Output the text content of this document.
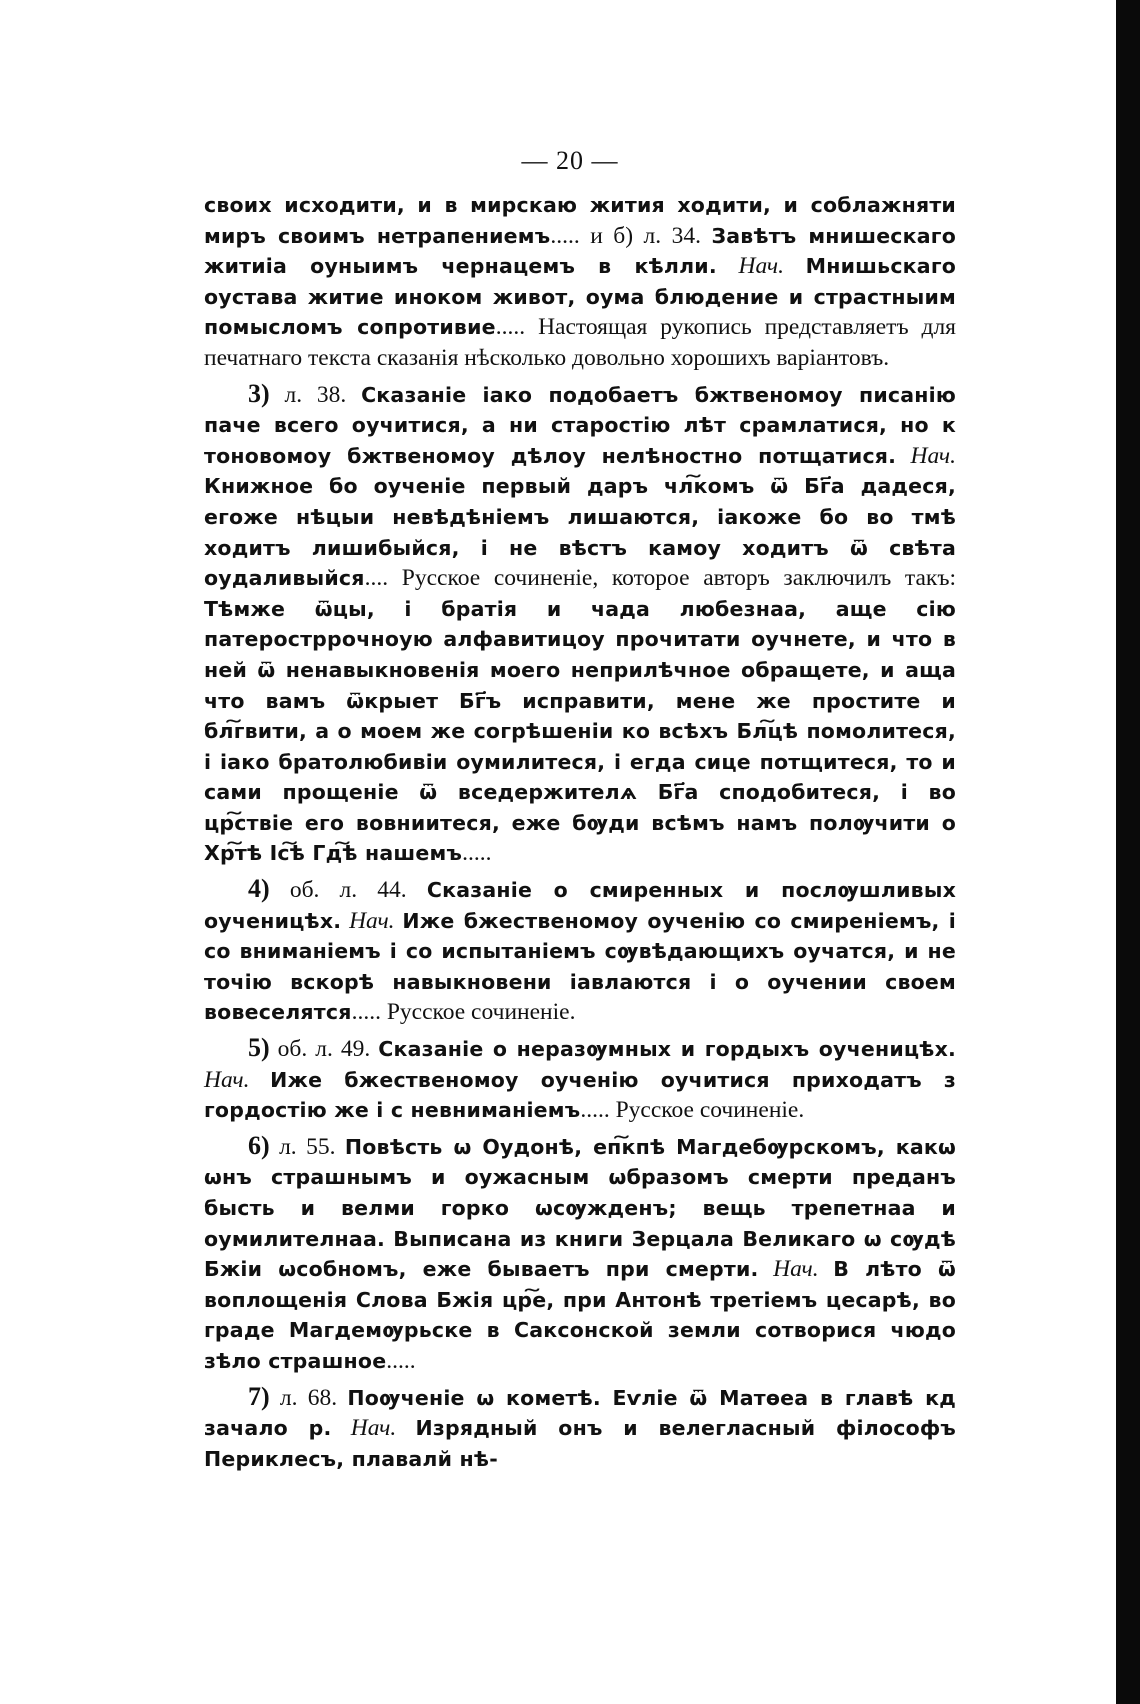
— 20 —

своих исходити, и в мирскаю жития ходити, и соблажняти миръ своимъ нетрапениемъ..... и б) л. 34. Завѣтъ мнишескаго житиіа оуныимъ чернацемъ в кѣлли. Нач. Мнишьскаго оустава житие иноком живот, оума блюдение и страстныим помысломъ сопротивие..... Настоящая рукопись представляетъ для печатнаго текста сказанія нѣсколько довольно хорошихъ варіантовъ.

3) л. 38. Сказаніе іако подобаетъ бжтвеномоу писанію паче всего оучитися, а ни старостію лѣт срамлатися, но к тоновомоу бжтвеномоу дѣлоу нелѣностно потщатися. Нач. Книжное бо оученіе первый даръ чл͠комъ ѿ Бг҃а дадеся, егоже нѣцыи невѣдѣніемъ лишаются, іакоже бо во тмѣ ходитъ лишибыйся, і не вѣстъ камоу ходитъ ѿ свѣта оудаливыйся.... Русское сочиненіе, которое авторъ заключилъ такъ: Тѣмже ѿцы, і братія и чада любезнаа, аще сію патеростррочноую алфавитицоу прочитати оучнете, и что в ней ѿ ненавыкновенія моего неприлѣчное обращете, и аща что вамъ ѿкрыет Бг҃ъ исправити, мене же простите и бл͠гвити, а о моем же согрѣшеніи ко всѣхъ Бл͠цѣ помолитеся, і іако братолюбивіи оумилитеся, і егда сице потщитеся, то и сами прощеніе ѿ вседержителѧ Бг҃а сподобитеся, і во цр͠ствіе его вовниитеся, еже бѹди всѣмъ намъ полѹчити о Хр͠тѣ Іс͠ѣ Гд͠ѣ нашемъ.....

4) об. л. 44. Сказаніе о смиренных и послѹшливых оученицѣх. Нач. Иже бжественомоу оученію со смиреніемъ, і со вниманіемъ і со испытаніемъ сѹвѣдающихъ оучатся, и не точію вскорѣ навыкновени іавлаются і о оучении своем вовеселятся..... Русское сочиненіе.

5) об. л. 49. Сказаніе о неразѹмных и гордыхъ оученицѣх. Нач. Иже бжественомоу оученію оучитися приходатъ з гордостію же і с невниманіемъ..... Русское сочиненіе.

6) л. 55. Повѣсть ѡ Оудонѣ, еп͠кпѣ Магдебѹрскомъ, какѡ ѡнъ страшнымъ и оужасным ѡбразомъ смерти преданъ бысть и велми горко ѡсѹжденъ; вещь трепетнаа и оумилителнаа. Выписана из книги Зерцала Великаго ѡ сѹдѣ Бжіи ѡсобномъ, еже бываетъ при смерти. Нач. В лѣто ѿ воплощенія Слова Бжія цр͠е, при Антонѣ третіемъ цесарѣ, во граде Магдемѹрьске в Саксонской земли сотворися чюдо зѣло страшное.....

7) л. 68. Поѹченіе ѡ кометѣ. Еѵліе ѿ Матѳеа в главѣ кд зачало р. Нач. Изрядный онъ и велегласный філософъ Периклесъ, плавалй нѣ-
